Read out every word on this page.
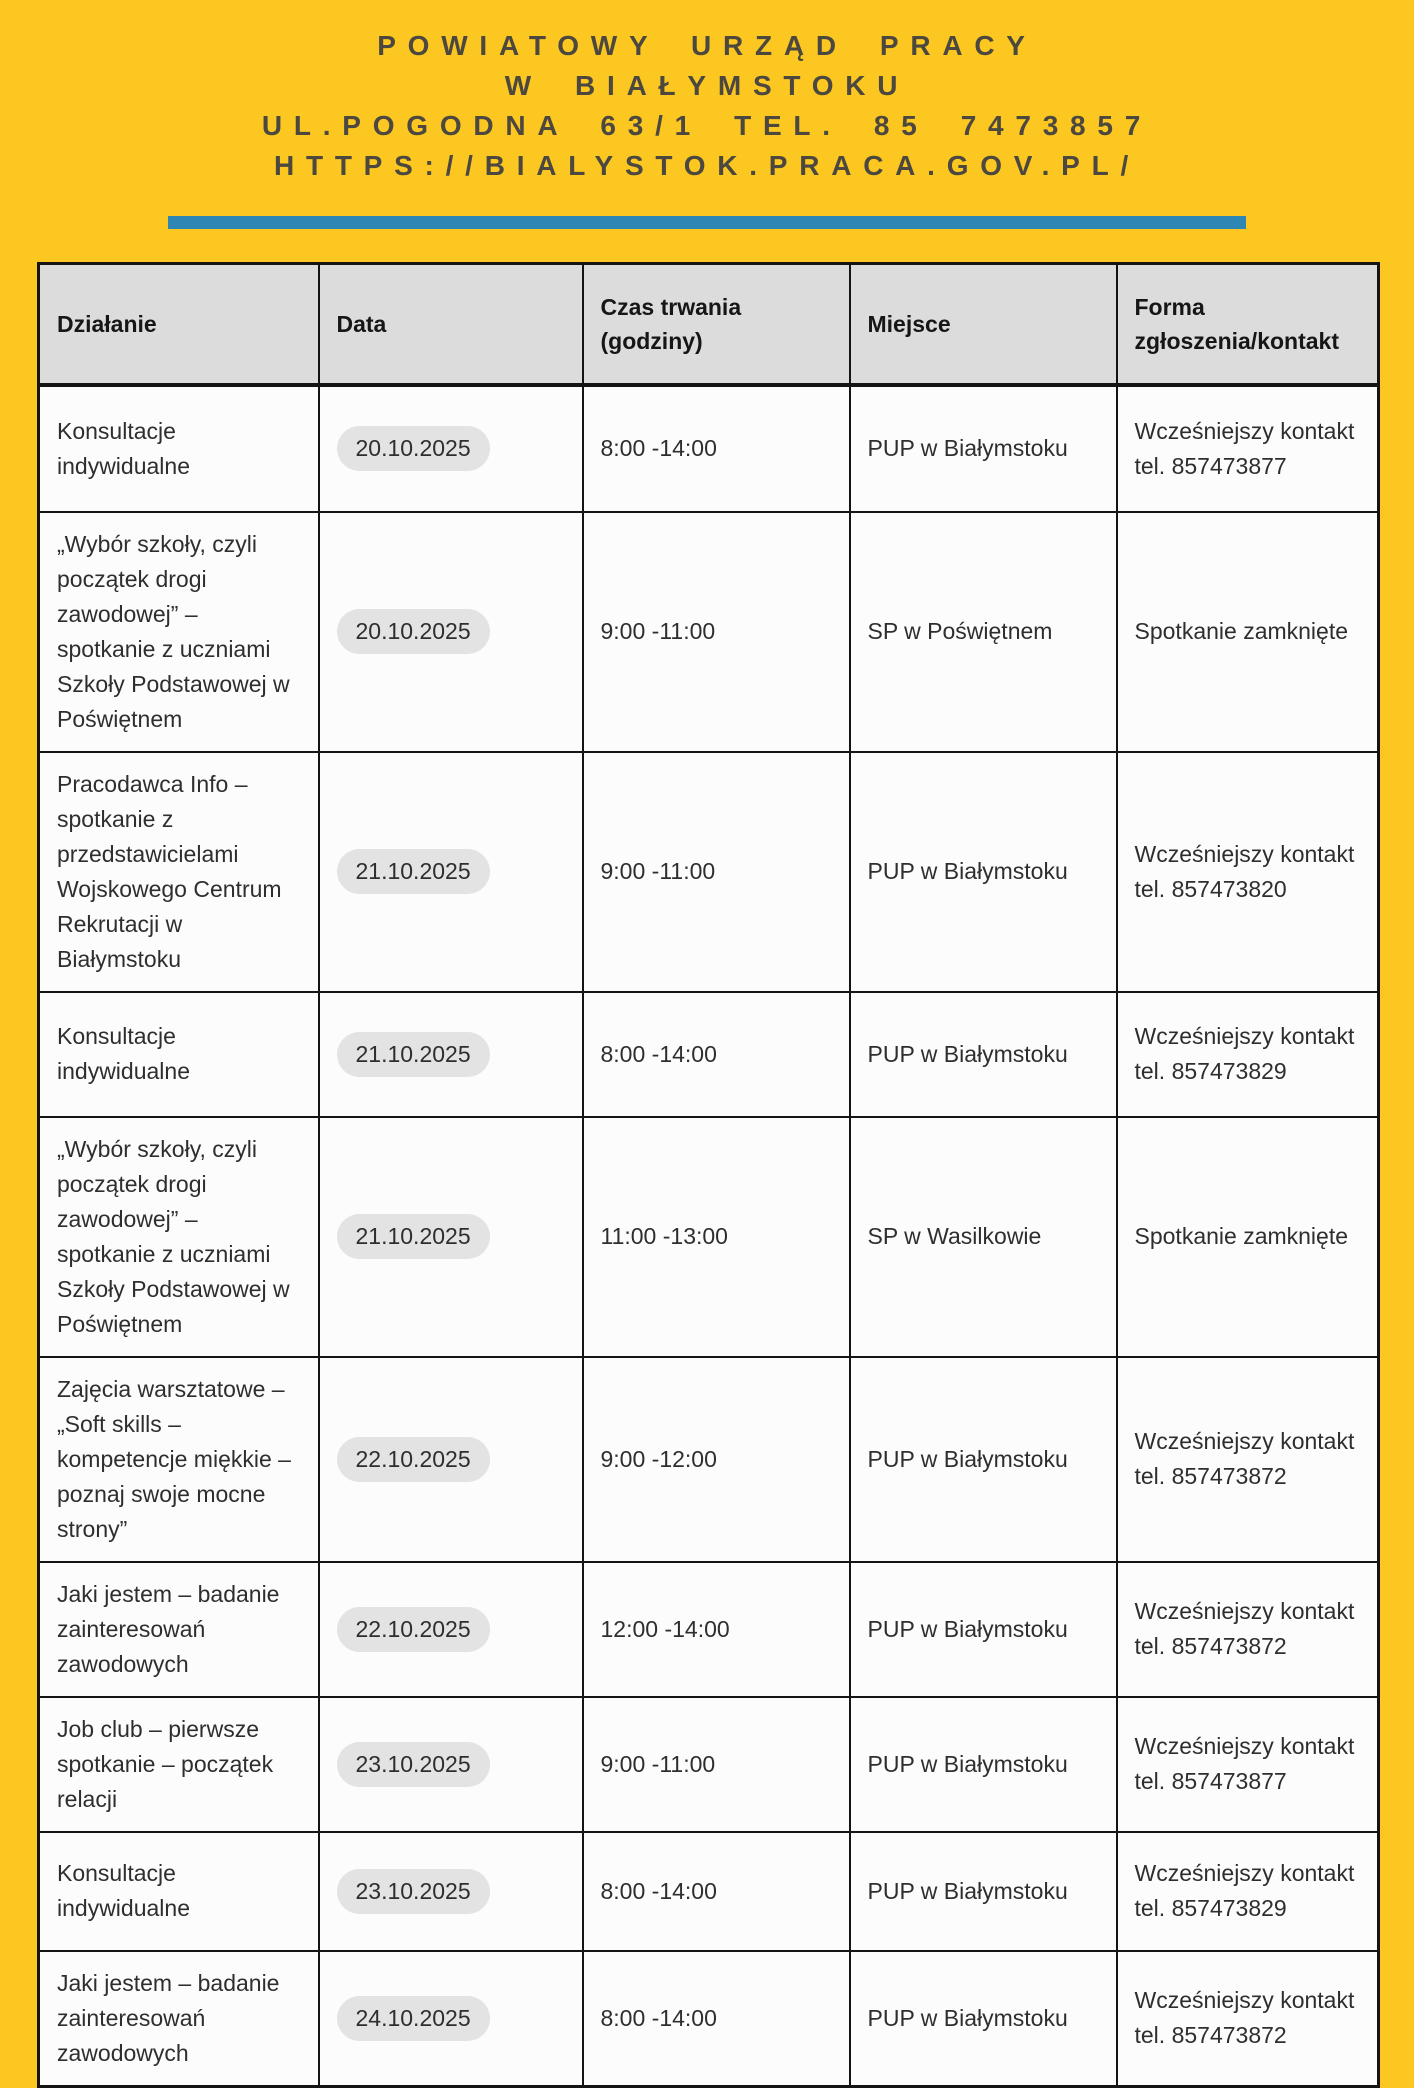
POWIATOWY URZĄD PRACY
W BIAŁYMSTOKU
UL.POGODNA 63/1 TEL. 85 7473857
HTTPS://BIALYSTOK.PRACA.GOV.PL/
Działanie	Data	Czas trwania (godziny)	Miejsce	Forma zgłoszenia/kontakt
Konsultacje indywidualne	20.10.2025	8:00 -14:00	PUP w Białymstoku	Wcześniejszy kontakt tel. 857473877
„Wybór szkoły, czyli początek drogi zawodowej” – spotkanie z uczniami Szkoły Podstawowej w Poświętnem	20.10.2025	9:00 -11:00	SP w Poświętnem	Spotkanie zamknięte
Pracodawca Info – spotkanie z przedstawicielami Wojskowego Centrum Rekrutacji w Białymstoku	21.10.2025	9:00 -11:00	PUP w Białymstoku	Wcześniejszy kontakt tel. 857473820
Konsultacje indywidualne	21.10.2025	8:00 -14:00	PUP w Białymstoku	Wcześniejszy kontakt tel. 857473829
„Wybór szkoły, czyli początek drogi zawodowej” – spotkanie z uczniami Szkoły Podstawowej w Poświętnem	21.10.2025	11:00 -13:00	SP w Wasilkowie	Spotkanie zamknięte
Zajęcia warsztatowe – „Soft skills – kompetencje miękkie – poznaj swoje mocne strony”	22.10.2025	9:00 -12:00	PUP w Białymstoku	Wcześniejszy kontakt tel. 857473872
Jaki jestem – badanie zainteresowań zawodowych	22.10.2025	12:00 -14:00	PUP w Białymstoku	Wcześniejszy kontakt tel. 857473872
Job club – pierwsze spotkanie – początek relacji	23.10.2025	9:00 -11:00	PUP w Białymstoku	Wcześniejszy kontakt tel. 857473877
Konsultacje indywidualne	23.10.2025	8:00 -14:00	PUP w Białymstoku	Wcześniejszy kontakt tel. 857473829
Jaki jestem – badanie zainteresowań zawodowych	24.10.2025	8:00 -14:00	PUP w Białymstoku	Wcześniejszy kontakt tel. 857473872
